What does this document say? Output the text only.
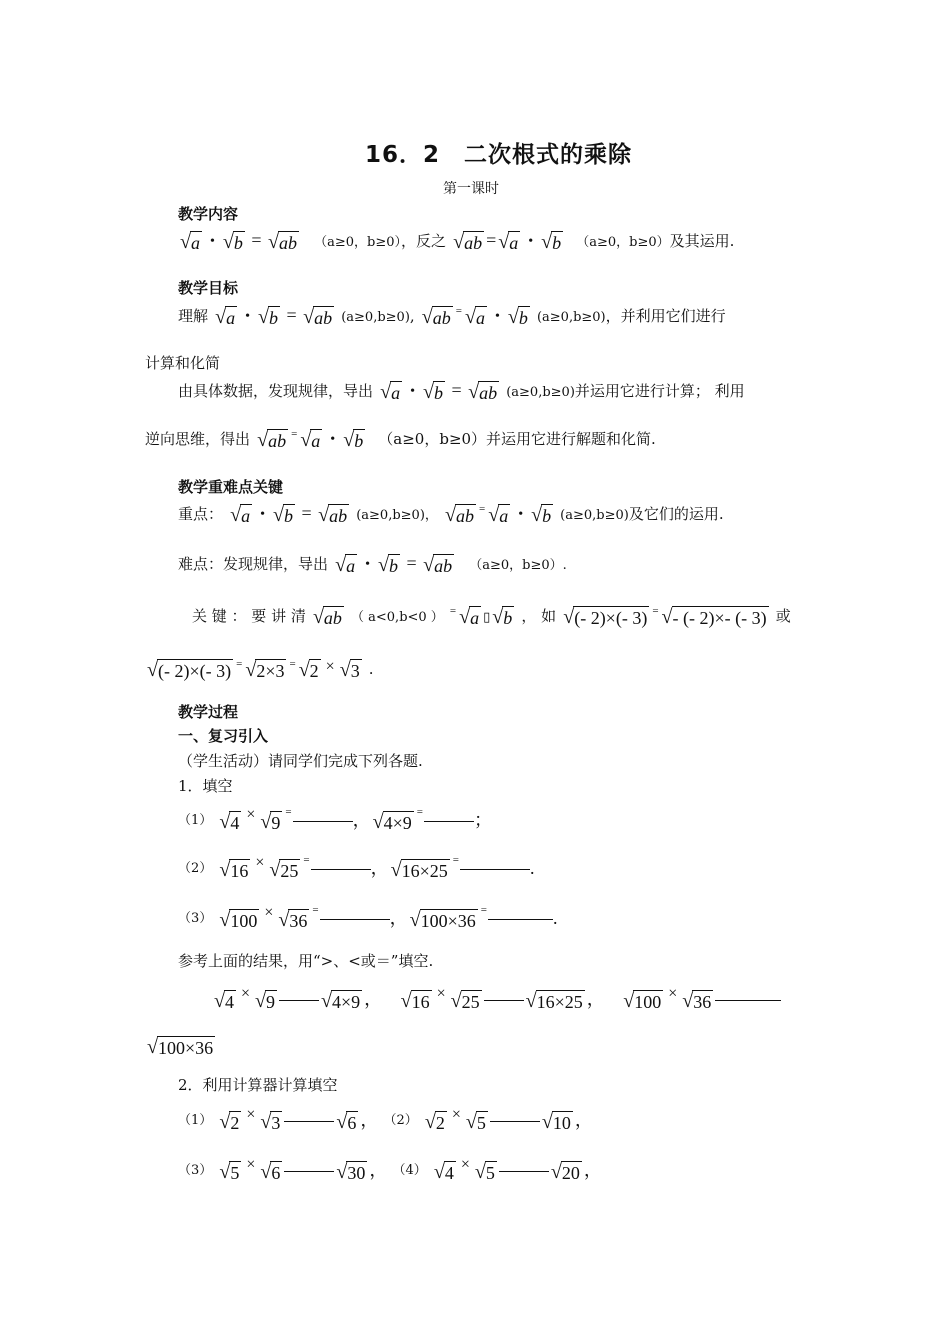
16．2　二次根式的乘除
第一课时
教学内容
√ a • √ b = √ ab （a≥0，b≥0），反之 √ ab = √ a • √ b （a≥0，b≥0）及其运用.
教学目标
理解 √ a • √ b = √ ab (a≥0,b≥0), √ ab = √ a • √ b (a≥0,b≥0)，并利用它们进行
计算和化简
由具体数据，发现规律，导出 √ a • √ b = √ ab (a≥0,b≥0)并运用它进行计算； 利用
逆向思维，得出 √ ab = √ a • √ b （a≥0，b≥0）并运用它进行解题和化简.
教学重难点关键
重点： √ a • √ b = √ ab (a≥0,b≥0)， √ ab = √ a • √ b (a≥0,b≥0)及它们的运用.
难点：发现规律，导出 √ a • √ b = √ ab （a≥0，b≥0）.
关 键 ： 要 讲 清 √ ab （ a<0,b<0 ） = √ a ▯ √ b ， 如 √ (- 2)×(- 3) = √ - (- 2)×- (- 3) 或
√ (- 2)×(- 3) = √ 2×3 = √ 2 × √ 3 .
教学过程
一、复习引入
（学生活动）请同学们完成下列各题.
1．填空
（1） √ 4 × √ 9
=	， √ 4×9
=	；
（2） √ 16 × √ 25
=	， √ 16×25
=	.
（3） √ 100 × √ 36
=	， √ 100×36
=	.
参考上面的结果，用“>、<或＝”填空.
√ 4 × √ 9 √ 4×9 ， √ 16 × √ 25 √ 16×25 ， √ 100 × √ 36
√ 100×36
2．利用计算器计算填空
（1） √ 2 × √ 3	√ 6 ， （2） √ 2 × √ 5	√ 10 ，
（3） √ 5 × √ 6	√ 30 ， （4） √ 4 × √ 5	√ 20 ，
